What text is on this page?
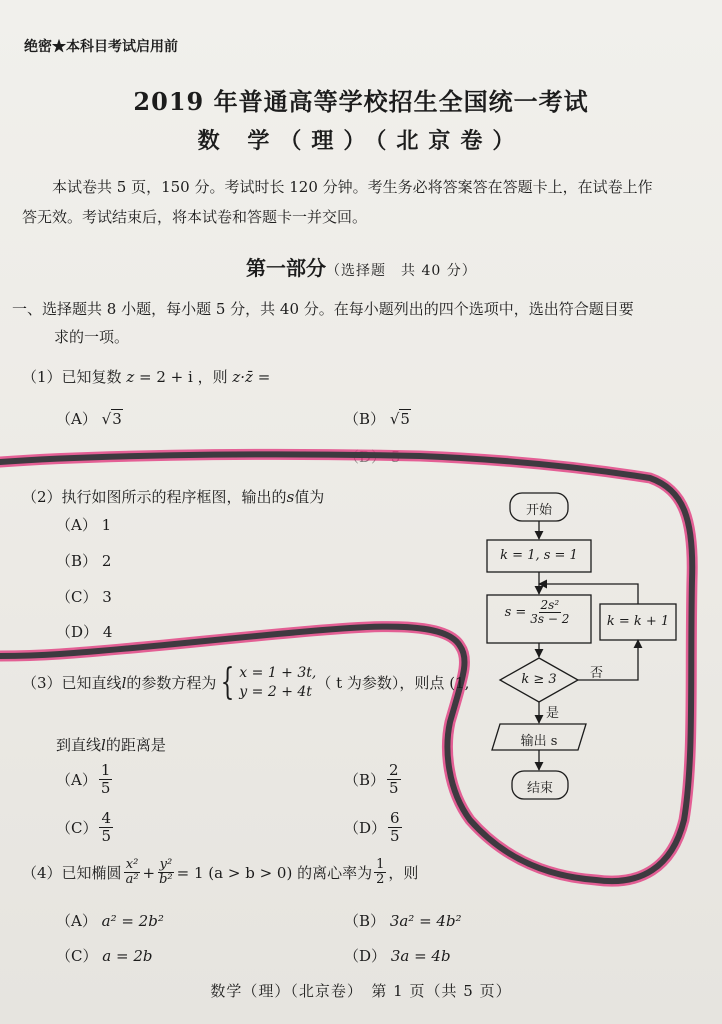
绝密★本科目考试启用前
2019 年普通高等学校招生全国统一考试
数 学（理）（北京卷）
本试卷共 5 页，150 分。考试时长 120 分钟。考生务必将答案答在答题卡上，在试卷上作
答无效。考试结束后，将本试卷和答题卡一并交回。
第一部分（选择题　共 40 分）
一、选择题共 8 小题，每小题 5 分，共 40 分。在每小题列出的四个选项中，选出符合题目要
求的一项。
（1）已知复数 z = 2 + i ，则 z·z̄ =
（A） √3	（B） √5
（D） 5
（2）执行如图所示的程序框图，输出的s值为
（A） 1
（B） 2
（C） 3
（D） 4
开始
k = 1, s = 1
$s = \frac{\text{2s²}}{3s - 2}$	k = k + 1
k ≥ 3	否
是
输出 s
结束
（3） 已知直线 l 的参数方程为 { x = 1 + 3t,
y = 2 + 4t （ t 为参数），则点 (1,
到直线l的距离是
$(A) \frac{1}{5}$	$(B) \frac{2}{5}$
$(C) \frac{4}{5}$	$(D) \frac{6}{5}$
（4） 已知椭圆 $\frac{\text{x²}}{\text{a²}} + \frac{\text{y²}}{\text{b²}} = 1$ (a > b > 0) 的离心率为 $\frac{1}{2}$ ，则
（A） a² = 2b²	（B） 3a² = 4b²
（C） a = 2b	（D） 3a = 4b
数学（理）（北京卷）　第 1 页（共 5 页）
